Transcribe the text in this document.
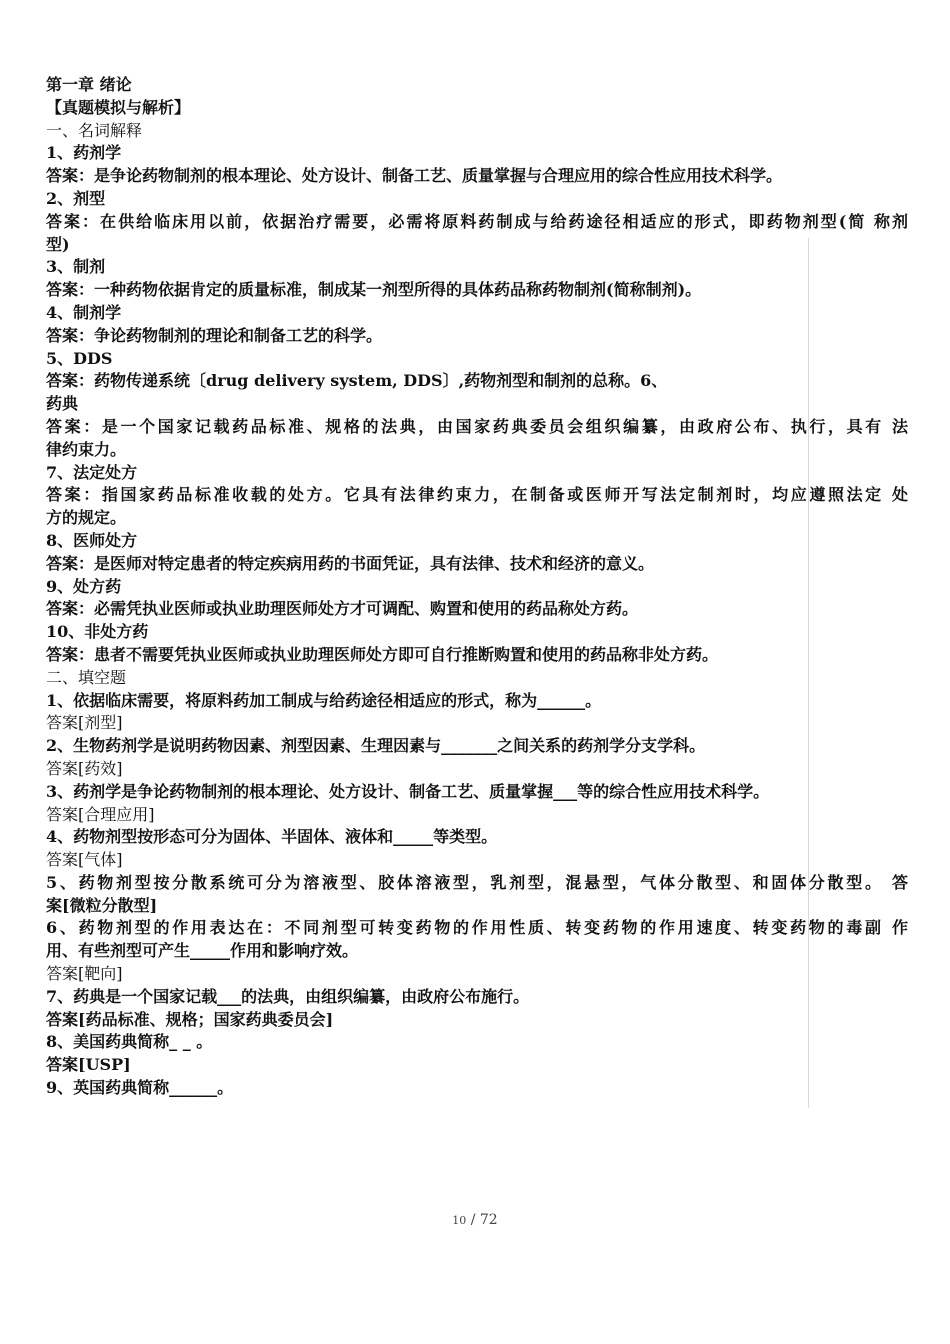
第一章 绪论
【真题模拟与解析】
一、名词解释
1、药剂学
答案：是争论药物制剂的根本理论、处方设计、制备工艺、质量掌握与合理应用的综合性应用技术科学。
2、剂型
答案：在供给临床用以前，依据治疗需要，必需将原料药制成与给药途径相适应的形式，即药物剂型(简 称剂
型)
3、制剂
答案：一种药物依据肯定的质量标准，制成某一剂型所得的具体药品称药物制剂(简称制剂)。
4、制剂学
答案：争论药物制剂的理论和制备工艺的科学。
5、DDS
答案：药物传递系统〔drug delivery system, DDS〕,药物剂型和制剂的总称。6、
药典
答案：是一个国家记载药品标准、规格的法典，由国家药典委员会组织编纂，由政府公布、执行，具有 法
律约束力。
7、法定处方
答案：指国家药品标准收载的处方。它具有法律约束力，在制备或医师开写法定制剂时，均应遵照法定 处
方的规定。
8、医师处方
答案：是医师对特定患者的特定疾病用药的书面凭证，具有法律、技术和经济的意义。
9、处方药
答案：必需凭执业医师或执业助理医师处方才可调配、购置和使用的药品称处方药。
10、非处方药
答案：患者不需要凭执业医师或执业助理医师处方即可自行推断购置和使用的药品称非处方药。
二、填空题
1、依据临床需要，将原料药加工制成与给药途径相适应的形式，称为______。
答案[剂型]
2、生物药剂学是说明药物因素、剂型因素、生理因素与_______之间关系的药剂学分支学科。
答案[药效]
3、药剂学是争论药物制剂的根本理论、处方设计、制备工艺、质量掌握___等的综合性应用技术科学。
答案[合理应用]
4、药物剂型按形态可分为固体、半固体、液体和_____等类型。
答案[气体]
5、药物剂型按分散系统可分为溶液型、胶体溶液型，乳剂型，混悬型，气体分散型、和固体分散型。 答
案[微粒分散型]
6、药物剂型的作用表达在：不同剂型可转变药物的作用性质、转变药物的作用速度、转变药物的毒副 作
用、有些剂型可产生_____作用和影响疗效。
答案[靶向]
7、药典是一个国家记载___的法典，由组织编纂，由政府公布施行。
答案[药品标准、规格；国家药典委员会]
8、美国药典简称_ _ 。
答案[USP]
9、英国药典简称______。
10 / 72
